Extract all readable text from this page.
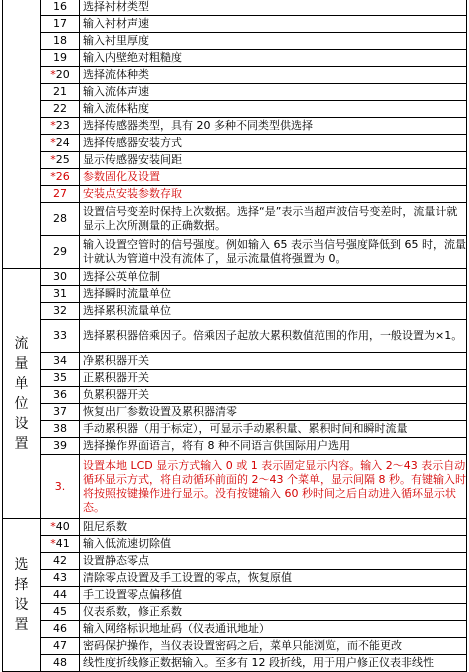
	16	选择衬材类型
	17	输入衬材声速
	18	输入衬里厚度
	19	输入内壁绝对粗糙度
	*20	选择流体种类
	21	输入流体声速
	22	输入流体粘度
	*23	选择传感器类型，具有 20 多种不同类型供选择
	*24	选择传感器安装方式
	*25	显示传感器安装间距
	*26	参数固化及设置
	27	安装点安装参数存取
	28	设置信号变差时保持上次数据。选择“是”表示当超声波信号变差时，流量计就显示上次所测量的正确数据。
	29	输入设置空管时的信号强度。例如输入 65 表示当信号强度降低到 65 时，流量计就认为管道中没有流体了，显示流量值将强置为 0。
流量单位设置	30	选择公英单位制
	31	选择瞬时流量单位
	32	选择累积流量单位
	33	选择累积器倍乘因子。倍乘因子起放大累积数值范围的作用，一般设置为×1。
	34	净累积器开关
	35	正累积器开关
	36	负累积器开关
	37	恢复出厂参数设置及累积器清零
	38	手动累积器（用于标定），可显示手动累积量、累积时间和瞬时流量
	39	选择操作界面语言，将有 8 种不同语言供国际用户选用
	3.	设置本地 LCD 显示方式输入 0 或 1 表示固定显示内容。输入 2～43 表示自动循环显示方式，将自动循环前面的 2～43 个菜单，显示间隔 8 秒。有键输入时将按照按键操作进行显示。没有按键输入 60 秒时间之后自动进入循环显示状态。
选择设置	*40	阻尼系数
	*41	输入低流速切除值
	42	设置静态零点
	43	清除零点设置及手工设置的零点，恢复原值
	44	手工设置零点偏移值
	45	仪表系数，修正系数
	46	输入网络标识地址码（仪表通讯地址）
	47	密码保护操作，当仪表设置密码之后，菜单只能浏览，而不能更改
	48	线性度折线修正数据输入。至多有 12 段折线，用于用户修正仪表非线性
